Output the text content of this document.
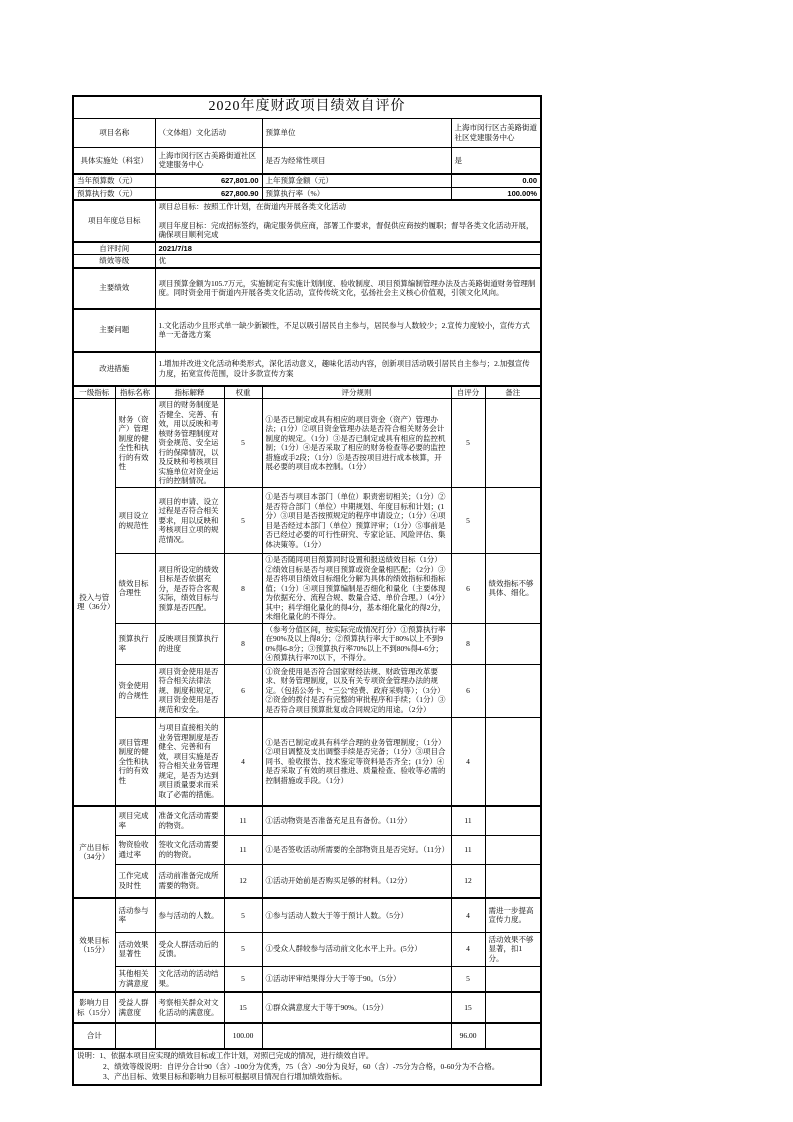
2020年度财政项目绩效自评价						
项目名称		（文体组）文化活动		预算单位	上海市闵行区古美路街道社区党建服务中心	
具体实施处（科室）		上海市闵行区古美路街道社区党建服务中心		是否为经常性项目	是	
当年预算数（元）		627,801.00		上年预算金额（元）	0.00	
预算执行数（元）		627,800.90		预算执行率（%）	100.00%	
项目年度总目标		项目总目标：按照工作计划，在街道内开展各类文化活动

项目年度目标：完成招标签约，确定服务供应商，部署工作要求，督促供应商按约履职；督导各类文化活动开展，确保项目顺利完成				

自评时间		2021/7/18				
绩效等级		优				
主要绩效		项目预算金额为105.7万元，实施制定有实施计划制度、验收制度、项目预算编制管理办法及古美路街道财务管理制度。同时资金用于街道内开展各类文化活动，宣传传统文化，弘扬社会主义核心价值观，引领文化风向。				
主要问题		1.文化活动少且形式单一缺少新颖性，不足以吸引居民自主参与，居民参与人数较少；2.宣传力度较小，宣传方式单一无备选方案				
改进措施		1.增加并改进文化活动种类形式，深化活动意义，趣味化活动内容，创新项目活动吸引居民自主参与；2.加强宣传力度，拓宽宣传范围，设计多款宣传方案				
一级指标	指标名称	指标解释	权重	评分规则	自评分	备注
投入与管理（36分）	财务（资产）管理制度的健全性和执行的有效性	项目的财务制度是否健全、完善、有效，用以反映和考核财务管理制度对资金规范、安全运行的保障情况，以及反映和考核项目实施单位对资金运行的控制情况。	5	①是否已制定或具有相应的项目资金（资产）管理办法；(1分）②项目资金管理办法是否符合相关财务会计制度的规定。（1分）③是否已制定或具有相应的监控机制；（1分）④是否采取了相应的财务检查等必要的监控措施或手2段；（1分）⑤是否按项目进行成本核算，开展必要的项目成本控制。（1分）	5	
	项目设立的规范性	项目的申请、设立过程是否符合相关要求，用以反映和考核项目立项的规范情况。	5	①是否与项目本部门（单位）职责密切相关；（1分）②是否符合部门（单位）中期规划、年度目标和计划；(1分）③项目是否按照规定的程序申请设立；（1分）④项目是否经过本部门（单位）预算评审；（1分）⑤事前是否已经过必要的可行性研究、专家论证、风险评估、集体决策等。（1分）	5	
	绩效目标合理性	项目所设定的绩效目标是否依据充分，是否符合客观实际，绩效目标与预算是否匹配。	8	①是否随同项目预算同时设置和报送绩效目标（1分）②绩效目标是否与项目预算或资金量相匹配；（2分）③是否将项目绩效目标细化分解为具体的绩效指标和指标值；（1分）④项目预算编制是否细化和量化（主要体现为依据充分、流程合规、数量合适、单价合理。）（4分）其中；科学细化量化的得4分，基本细化量化的得2分，未细化量化的不得分。	6	绩效指标不够具体、细化。
	预算执行率	反映项目预算执行的进度	8	（参考分值区间，按实际完成情况打分）①预算执行率在90%及以上得8分；②预算执行率大于80%以上不到90%得6-8分；③预算执行率70%以上不到80%得4-6分；④预算执行率70以下，不得分。	8	
	资金使用的合规性	项目资金使用是否符合相关法律法规、制度和规定，项目资金使用是否规范和安全。	6	①资金使用是否符合国家财经法规、财政管理改革要求、财务管理制度，以及有关专项资金管理办法的规定。（包括公务卡、“三公”经费、政府采购等）；（3分）②资金的拨付是否有完整的审批程序和手续；（1分）③是否符合项目预算批复或合同规定的用途。（2分）	6	
	项目管理制度的健全性和执行的有效性	与项目直接相关的业务管理制度是否健全、完善和有效，项目实施是否符合相关业务管理规定，是否为达到项目质量要求而采取了必需的措施。	4	①是否已制定或具有科学合理的业务管理制度；（1分）②项目调整及支出调整手续是否完备；（1分）③项目合同书、验收报告、技术鉴定等资料是否齐全；(1分）④是否采取了有效的项目推进、质量检查、验收等必需的控制措施或手段。（1分）	4	
产出目标（34分）	项目完成率	准备文化活动需要的物资。	11	①活动物资是否准备充足且有备份。（11分）	11	
	物资验收通过率	签收文化活动需要的的物资。	11	①是否签收活动所需要的全部物资且是否完好。（11分）	11	
	工作完成及时性	活动前准备完成所需要的物资。	12	①活动开始前是否购买足够的材料。（12分）	12	
效果目标（15分）	活动参与率	参与活动的人数。	5	①参与活动人数大于等于预计人数。（5分）	4	需进一步提高宣传力度。
	活动效果显著性	受众人群活动后的反馈。	5	①受众人群较参与活动前文化水平上升。(5分）	4	活动效果不够显著，扣1分。
	其他相关方满意度	文化活动的活动结果。	5	①活动评审结果得分大于等于90。（5分）	5	
影响力目标（15分）	受益人群满意度	考察相关群众对文化活动的满意度。	15	①群众满意度大于等于90%。（15分）	15	
合计			100.00		96.00	

说明：1、依据本项目应实现的绩效目标或工作计划，对照已完成的情况，进行绩效自评。
2、绩效等级说明：自评分合计90（含）-100分为优秀，75（含）-90分为良好，60（含）-75分为合格，0-60分为不合格。
3、产出目标、效果目标和影响力目标可根据项目情况自行增加绩效指标。						
